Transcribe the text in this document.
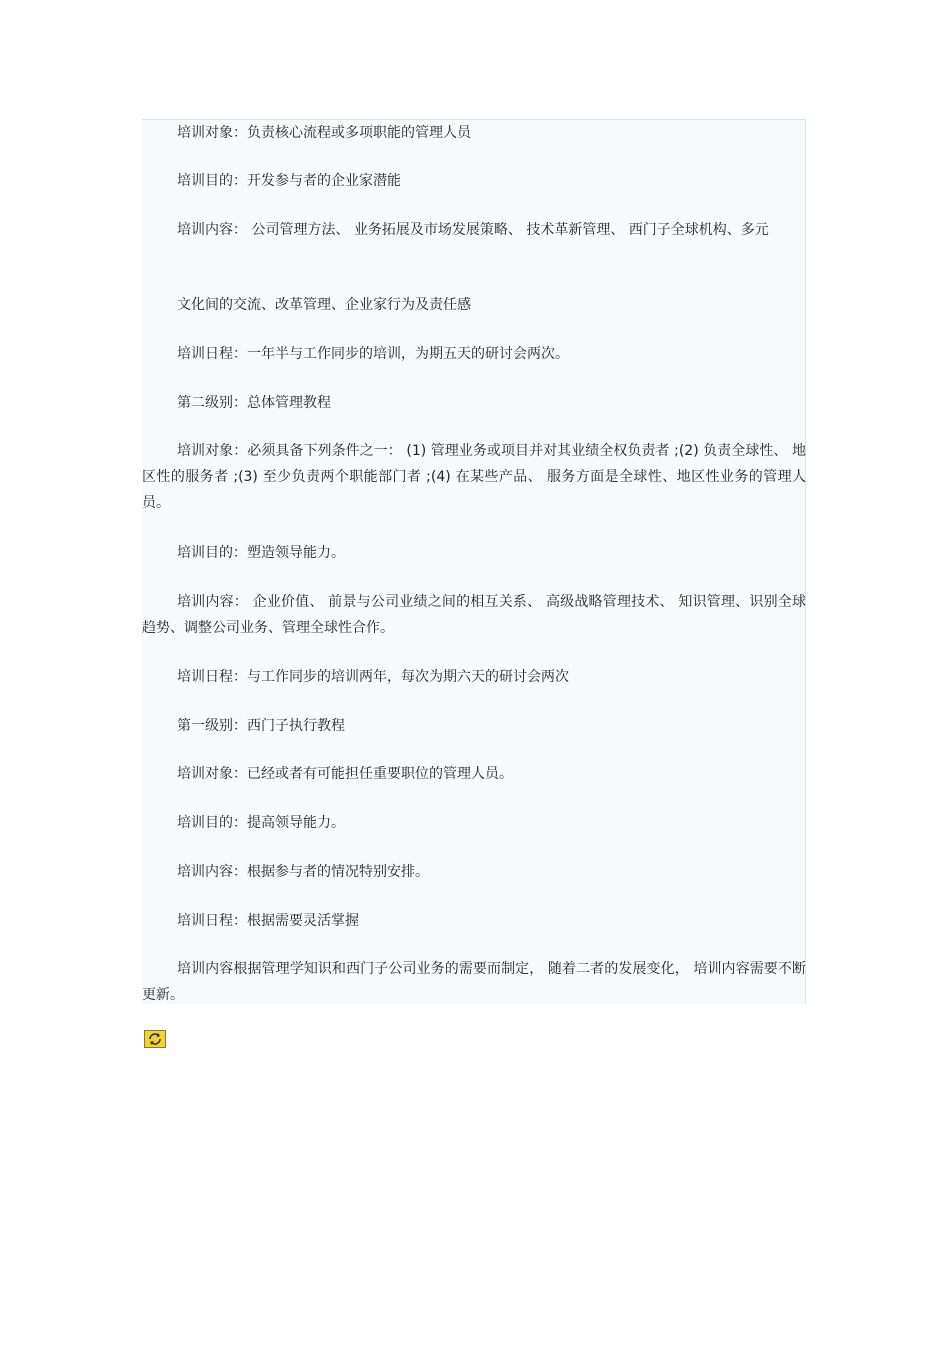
培训对象：负责核心流程或多项职能的管理人员

培训目的：开发参与者的企业家潜能

培训内容： 公司管理方法、 业务拓展及市场发展策略、 技术革新管理、 西门子全球机构、多元

文化间的交流、改革管理、企业家行为及责任感

培训日程：一年半与工作同步的培训，为期五天的研讨会两次。

第二级别：总体管理教程

培训对象：必须具备下列条件之一： (1) 管理业务或项目并对其业绩全权负责者 ;(2) 负责全球性、 地区性的服务者 ;(3) 至少负责两个职能部门者 ;(4) 在某些产品、 服务方面是全球性、地区性业务的管理人员。

培训目的：塑造领导能力。

培训内容： 企业价值、 前景与公司业绩之间的相互关系、 高级战略管理技术、 知识管理、识别全球趋势、调整公司业务、管理全球性合作。

培训日程：与工作同步的培训两年，每次为期六天的研讨会两次

第一级别：西门子执行教程

培训对象：已经或者有可能担任重要职位的管理人员。

培训目的：提高领导能力。

培训内容：根据参与者的情况特别安排。

培训日程：根据需要灵活掌握

培训内容根据管理学知识和西门子公司业务的需要而制定， 随着二者的发展变化， 培训内容需要不断更新。
